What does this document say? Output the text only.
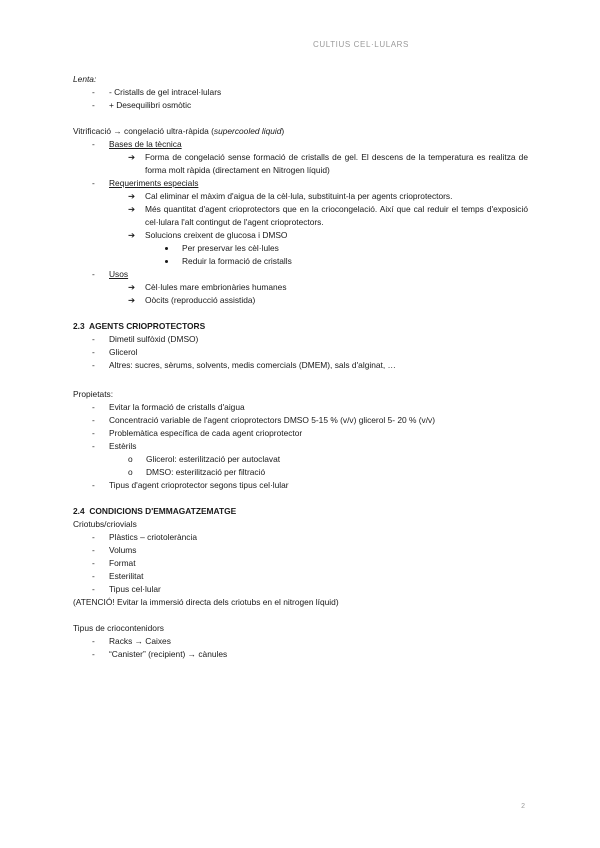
CULTIUS CEL·LULARS
Lenta:
- - Cristalls de gel intracel·lulars
- + Desequilibri osmòtic
Vitrificació → congelació ultra-ràpida (supercooled liquid)
- Bases de la tècnica
➔ Forma de congelació sense formació de cristalls de gel. El descens de la temperatura es realitza de forma molt ràpida (directament en Nitrogen líquid)
- Requeriments especials
➔ Cal eliminar el màxim d'aigua de la cèl·lula, substituint-la per agents crioprotectors.
➔ Més quantitat d'agent crioprotectors que en la criocongelació. Així que cal reduir el temps d'exposició cel·lulara l'alt contingut de l'agent crioprotectors.
➔ Solucions creixent de glucosa i DMSO
Per preservar les cèl·lules
Reduir la formació de cristalls
- Usos
➔ Cèl·lules mare embrionàries humanes
➔ Oòcits (reproducció assistida)
2.3 AGENTS CRIOPROTECTORS
- Dimetil sulfòxid (DMSO)
- Glicerol
- Altres: sucres, sèrums, solvents, medis comercials (DMEM), sals d'alginat, …
Propietats:
- Evitar la formació de cristalls d'aigua
- Concentració variable de l'agent crioprotectors DMSO 5-15 % (v/v) glicerol 5- 20 % (v/v)
- Problemàtica específica de cada agent crioprotector
- Estèrils
o Glicerol: esterilització per autoclavat
o DMSO: esterilització per filtració
- Tipus d'agent crioprotector segons tipus cel·lular
2.4 CONDICIONS D'EMMAGATZEMATGE
Criotubs/criovials
- Plàstics – criotolerància
- Volums
- Format
- Esterilitat
- Tipus cel·lular
(ATENCIÓ! Evitar la immersió directa dels criotubs en el nitrogen líquid)
Tipus de criocontenidors
- Racks → Caixes
- “Canister” (recipient) → cànules
2
